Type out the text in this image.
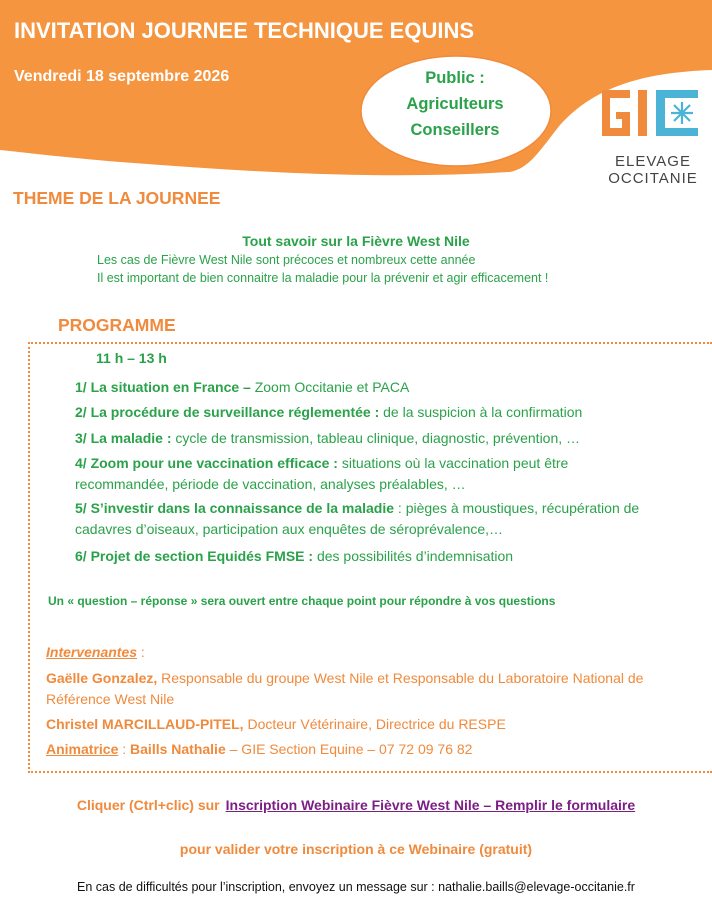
INVITATION JOURNEE TECHNIQUE EQUINS
Vendredi 18 septembre 2026	Public :
Agriculteurs
Conseillers
ELEVAGE
OCCITANIE
THEME DE LA JOURNEE
Tout savoir sur la Fièvre West Nile
Les cas de Fièvre West Nile sont précoces et nombreux cette année
Il est important de bien connaitre la maladie pour la prévenir et agir efficacement !
PROGRAMME
11 h – 13 h
1/ La situation en France – Zoom Occitanie et PACA
2/ La procédure de surveillance réglementée : de la suspicion à la confirmation
3/ La maladie : cycle de transmission, tableau clinique, diagnostic, prévention, …
4/ Zoom pour une vaccination efficace : situations où la vaccination peut être recommandée, période de vaccination, analyses préalables, …
5/ S’investir dans la connaissance de la maladie : pièges à moustiques, récupération de cadavres d’oiseaux, participation aux enquêtes de séroprévalence,…
6/ Projet de section Equidés FMSE : des possibilités d’indemnisation
Un « question – réponse » sera ouvert entre chaque point pour répondre à vos questions
Intervenantes :
Gaëlle Gonzalez, Responsable du groupe West Nile et Responsable du Laboratoire National de Référence West Nile
Christel MARCILLAUD-PITEL, Docteur Vétérinaire, Directrice du RESPE
Animatrice : Baills Nathalie – GIE Section Equine – 07 72 09 76 82
Cliquer (Ctrl+clic) sur Inscription Webinaire Fièvre West Nile – Remplir le formulaire
pour valider votre inscription à ce Webinaire (gratuit)
En cas de difficultés pour l’inscription, envoyez un message sur : nathalie.baills@elevage-occitanie.fr
